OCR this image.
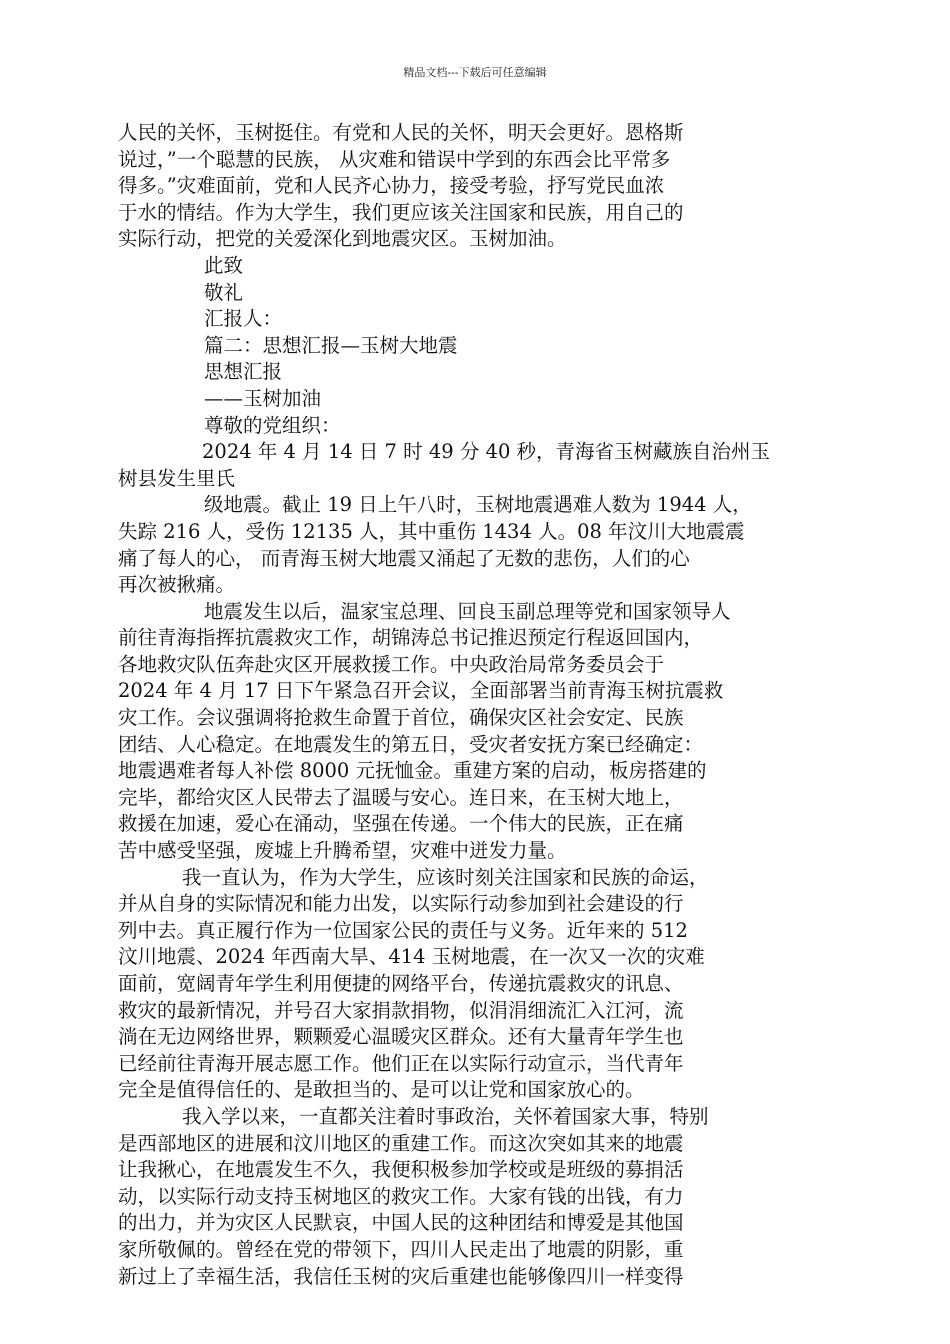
精品文档---下载后可任意编辑
人民的关怀，玉树挺住。有党和人民的关怀，明天会更好。恩格斯
说过，”一个聪慧的民族， 从灾难和错误中学到的东西会比平常多
得多。”灾难面前，党和人民齐心协力，接受考验，抒写党民血浓
于水的情结。作为大学生，我们更应该关注国家和民族，用自己的
实际行动，把党的关爱深化到地震灾区。玉树加油。
此致
敬礼
汇报人：
篇二：思想汇报—玉树大地震
思想汇报
——玉树加油
尊敬的党组织：
2024 年 4 月 14 日 7 时 49 分 40 秒，青海省玉树藏族自治州玉
树县发生里氏
级地震。截止 19 日上午八时，玉树地震遇难人数为 1944 人，
失踪 216 人，受伤 12135 人，其中重伤 1434 人。08 年汶川大地震震
痛了每人的心， 而青海玉树大地震又涌起了无数的悲伤，人们的心
再次被揪痛。
地震发生以后，温家宝总理、回良玉副总理等党和国家领导人
前往青海指挥抗震救灾工作，胡锦涛总书记推迟预定行程返回国内，
各地救灾队伍奔赴灾区开展救援工作。中央政治局常务委员会于
2024 年 4 月 17 日下午紧急召开会议，全面部署当前青海玉树抗震救
灾工作。会议强调将抢救生命置于首位，确保灾区社会安定、民族
团结、人心稳定。在地震发生的第五日，受灾者安抚方案已经确定：
地震遇难者每人补偿 8000 元抚恤金。重建方案的启动，板房搭建的
完毕，都给灾区人民带去了温暖与安心。连日来，在玉树大地上，
救援在加速，爱心在涌动，坚强在传递。一个伟大的民族，正在痛
苦中感受坚强，废墟上升腾希望，灾难中迸发力量。
我一直认为，作为大学生，应该时刻关注国家和民族的命运，
并从自身的实际情况和能力出发，以实际行动参加到社会建设的行
列中去。真正履行作为一位国家公民的责任与义务。近年来的 512
汶川地震、2024 年西南大旱、414 玉树地震，在一次又一次的灾难
面前，宽阔青年学生利用便捷的网络平台，传递抗震救灾的讯息、
救灾的最新情况，并号召大家捐款捐物，似涓涓细流汇入江河，流
淌在无边网络世界，颗颗爱心温暖灾区群众。还有大量青年学生也
已经前往青海开展志愿工作。他们正在以实际行动宣示，当代青年
完全是值得信任的、是敢担当的、是可以让党和国家放心的。
我入学以来，一直都关注着时事政治，关怀着国家大事，特别
是西部地区的进展和汶川地区的重建工作。而这次突如其来的地震
让我揪心，在地震发生不久，我便积极参加学校或是班级的募捐活
动，以实际行动支持玉树地区的救灾工作。大家有钱的出钱，有力
的出力，并为灾区人民默哀，中国人民的这种团结和博爱是其他国
家所敬佩的。曾经在党的带领下，四川人民走出了地震的阴影，重
新过上了幸福生活，我信任玉树的灾后重建也能够像四川一样变得
